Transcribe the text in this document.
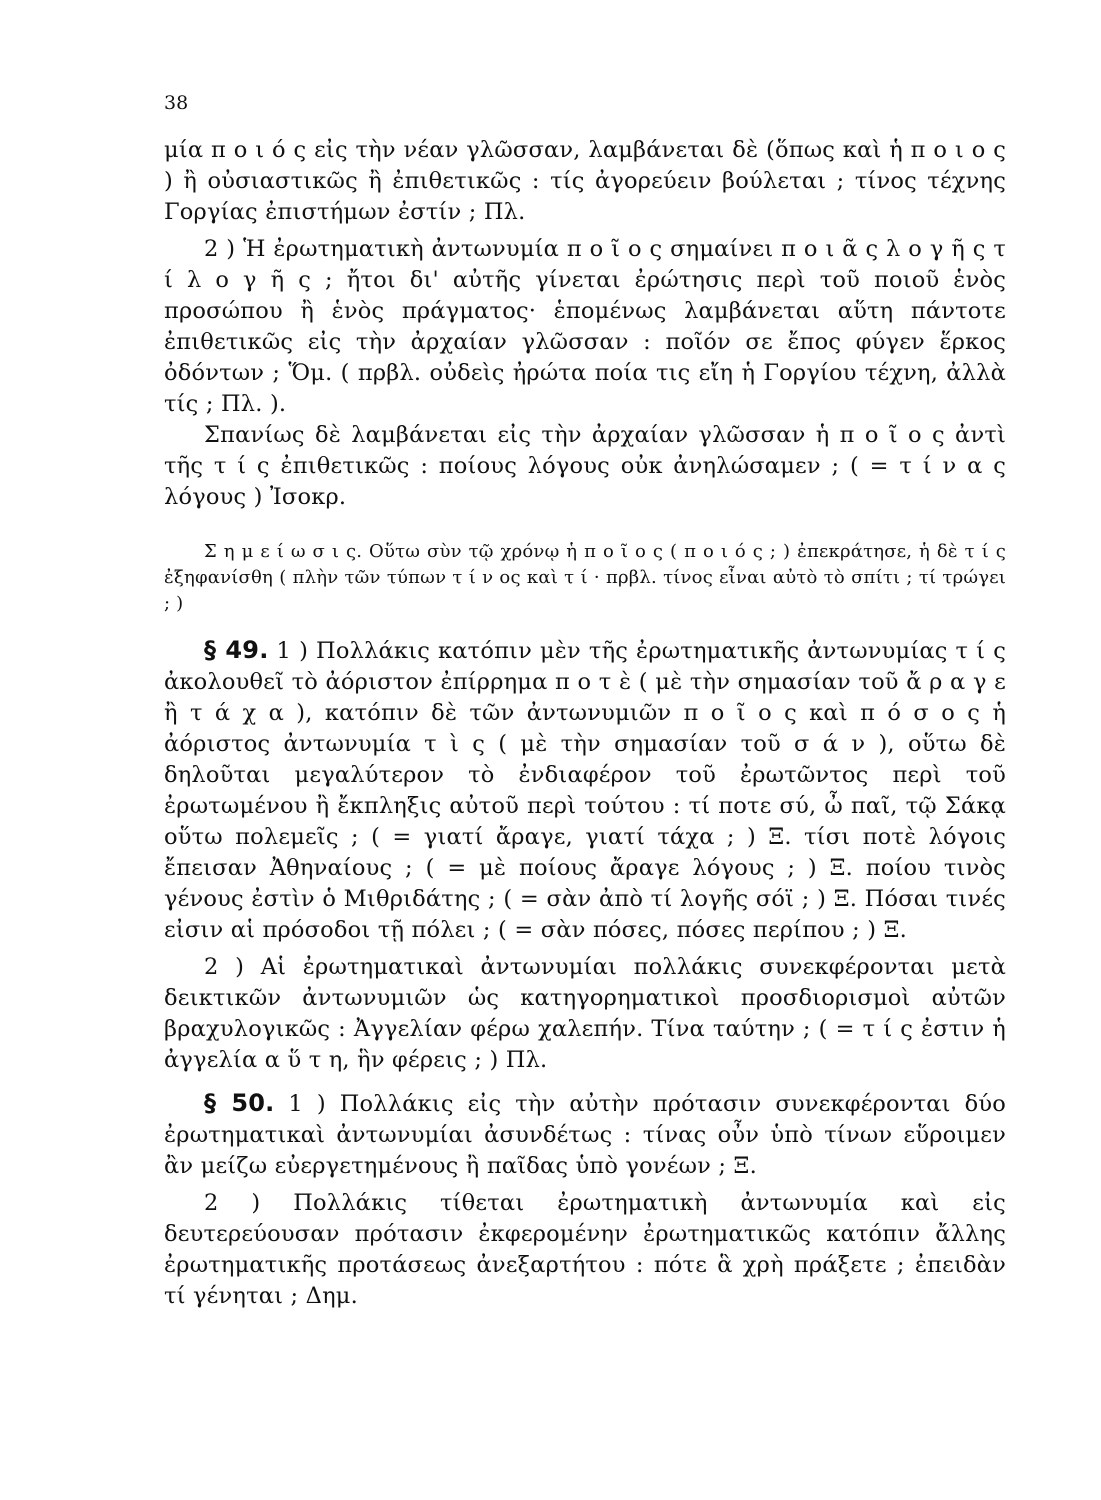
38

μία π ο ι ό ς εἰς τὴν νέαν γλῶσσαν, λαμβάνεται δὲ (ὅπως καὶ ἡ π ο ι ο ς ) ἢ οὐσιαστικῶς ἢ ἐπιθετικῶς : τίς ἀγορεύειν βούλεται ; τίνος τέχνης Γοργίας ἐπιστήμων ἐστίν ; Πλ.

2 ) Ἡ ἐρωτηματικὴ ἀντωνυμία π ο ῖ ο ς σημαίνει π ο ι ᾶ ς λ ο γ ῆ ς τ ί λ ο γ ῆ ς ; ἤτοι δι' αὐτῆς γίνεται ἐρώτησις περὶ τοῦ ποιοῦ ἑνὸς προσώπου ἢ ἑνὸς πράγματος· ἑπομένως λαμβάνεται αὕτη πάντοτε ἐπιθετικῶς εἰς τὴν ἀρχαίαν γλῶσσαν : ποῖόν σε ἔπος φύγεν ἕρκος ὀδόντων ; Ὅμ. ( πρβλ. οὐδεὶς ἠρώτα ποία τις εἴη ἡ Γοργίου τέχνη, ἀλλὰ τίς ; Πλ. ).

Σπανίως δὲ λαμβάνεται εἰς τὴν ἀρχαίαν γλῶσσαν ἡ π ο ῖ ο ς ἀντὶ τῆς τ ί ς ἐπιθετικῶς : ποίους λόγους οὐκ ἀνηλώσαμεν ; ( = τ ί ν α ς λόγους ) Ἰσοκρ.

Σ η μ ε ί ω σ ι ς. Οὕτω σὺν τῷ χρόνῳ ἡ π ο ῖ ο ς ( π ο ι ό ς ; ) ἐπεκράτησε, ἡ δὲ τ ί ς ἐξηφανίσθη ( πλὴν τῶν τύπων τ ί ν ος καὶ τ ί · πρβλ. τίνος εἶναι αὐτὸ τὸ σπίτι ; τί τρώγει ; )

§ 49. 1 ) Πολλάκις κατόπιν μὲν τῆς ἐρωτηματικῆς ἀντωνυμίας τ ί ς ἀκολουθεῖ τὸ ἀόριστον ἐπίρρημα π ο τ ὲ ( μὲ τὴν σημασίαν τοῦ ἄ ρ α γ ε ἢ τ ά χ α ), κατόπιν δὲ τῶν ἀντωνυμιῶν π ο ῖ ο ς καὶ π ό σ ο ς ἡ ἀόριστος ἀντωνυμία τ ὶ ς ( μὲ τὴν σημασίαν τοῦ σ ά ν ), οὕτω δὲ δηλοῦται μεγαλύτερον τὸ ἐνδιαφέρον τοῦ ἐρωτῶντος περὶ τοῦ ἐρωτωμένου ἢ ἔκπληξις αὐτοῦ περὶ τούτου : τί ποτε σύ, ὦ παῖ, τῷ Σάκᾳ οὕτω πολεμεῖς ; ( = γιατί ἄραγε, γιατί τάχα ; ) Ξ. τίσι ποτὲ λόγοις ἔπεισαν Ἀθηναίους ; ( = μὲ ποίους ἄραγε λόγους ; ) Ξ. ποίου τινὸς γένους ἐστὶν ὁ Μιθριδάτης ; ( = σὰν ἀπὸ τί λογῆς σόϊ ; ) Ξ. Πόσαι τινές εἰσιν αἱ πρόσοδοι τῇ πόλει ; ( = σὰν πόσες, πόσες περίπου ; ) Ξ.

2 ) Αἱ ἐρωτηματικαὶ ἀντωνυμίαι πολλάκις συνεκφέρονται μετὰ δεικτικῶν ἀντωνυμιῶν ὡς κατηγορηματικοὶ προσδιορισμοὶ αὐτῶν βραχυλογικῶς : Ἀγγελίαν φέρω χαλεπήν. Τίνα ταύτην ; ( = τ ί ς ἐστιν ἡ ἀγγελία α ὕ τ η, ἣν φέρεις ; ) Πλ.

§ 50. 1 ) Πολλάκις εἰς τὴν αὐτὴν πρότασιν συνεκφέρονται δύο ἐρωτηματικαὶ ἀντωνυμίαι ἀσυνδέτως : τίνας οὖν ὑπὸ τίνων εὕροιμεν ἂν μείζω εὐεργετημένους ἢ παῖδας ὑπὸ γονέων ; Ξ.

2 ) Πολλάκις τίθεται ἐρωτηματικὴ ἀντωνυμία καὶ εἰς δευτερεύουσαν πρότασιν ἐκφερομένην ἐρωτηματικῶς κατόπιν ἄλλης ἐρωτηματικῆς προτάσεως ἀνεξαρτήτου : πότε ἃ χρὴ πράξετε ; ἐπειδὰν τί γένηται ; Δημ.
